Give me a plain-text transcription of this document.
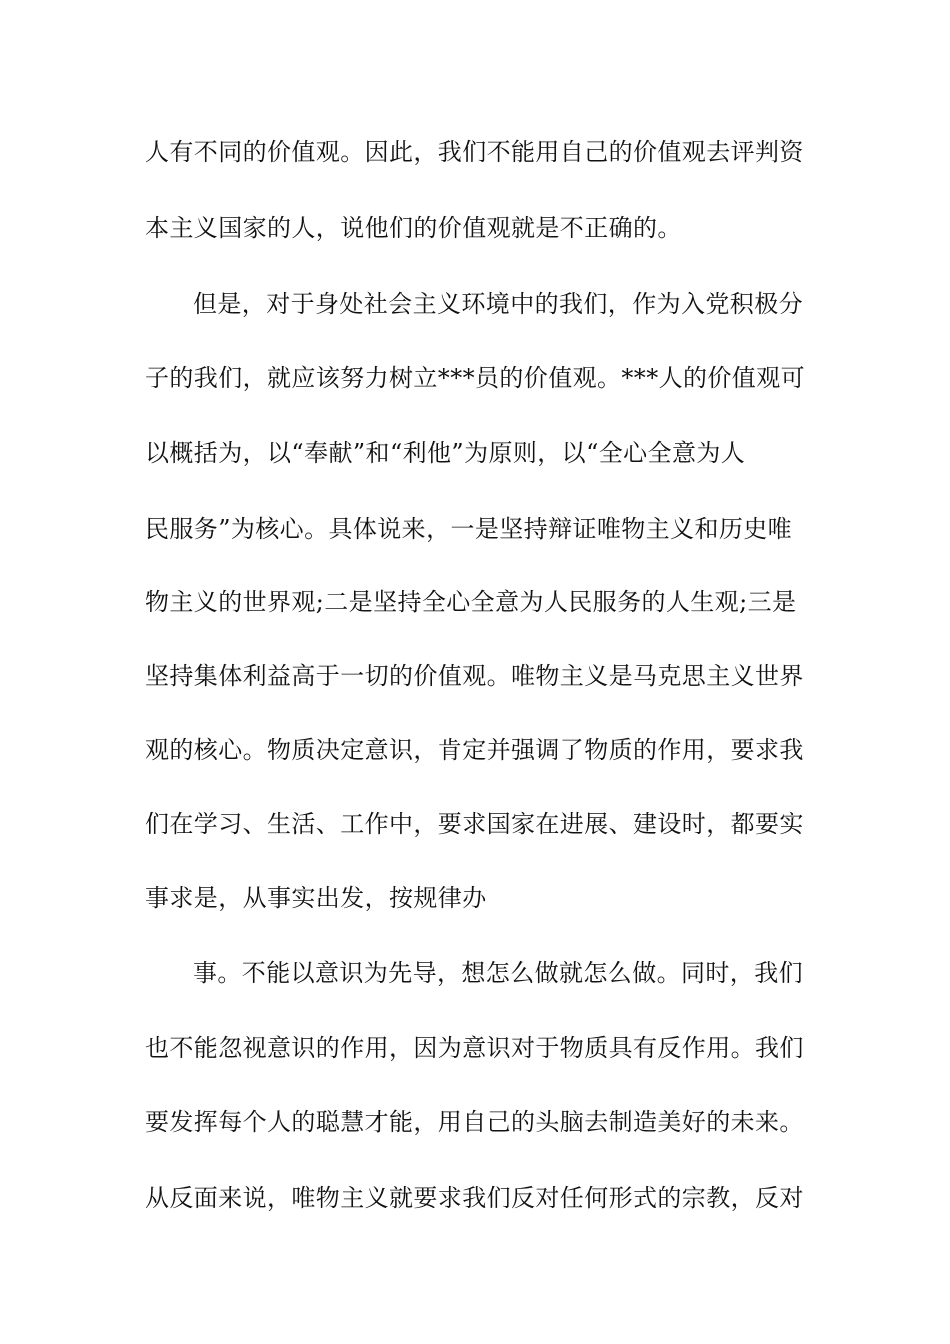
人有不同的价值观。因此，我们不能用自己的价值观去评判资
本主义国家的人，说他们的价值观就是不正确的。
但是，对于身处社会主义环境中的我们，作为入党积极分
子的我们，就应该努力树立***员的价值观。***人的价值观可
以概括为，以“奉献”和“利他”为原则，以“全心全意为人
民服务”为核心。具体说来，一是坚持辩证唯物主义和历史唯
物主义的世界观;二是坚持全心全意为人民服务的人生观;三是
坚持集体利益高于一切的价值观。唯物主义是马克思主义世界
观的核心。物质决定意识，肯定并强调了物质的作用，要求我
们在学习、生活、工作中，要求国家在进展、建设时，都要实
事求是，从事实出发，按规律办
事。不能以意识为先导，想怎么做就怎么做。同时，我们
也不能忽视意识的作用，因为意识对于物质具有反作用。我们
要发挥每个人的聪慧才能，用自己的头脑去制造美好的未来。
从反面来说，唯物主义就要求我们反对任何形式的宗教，反对
